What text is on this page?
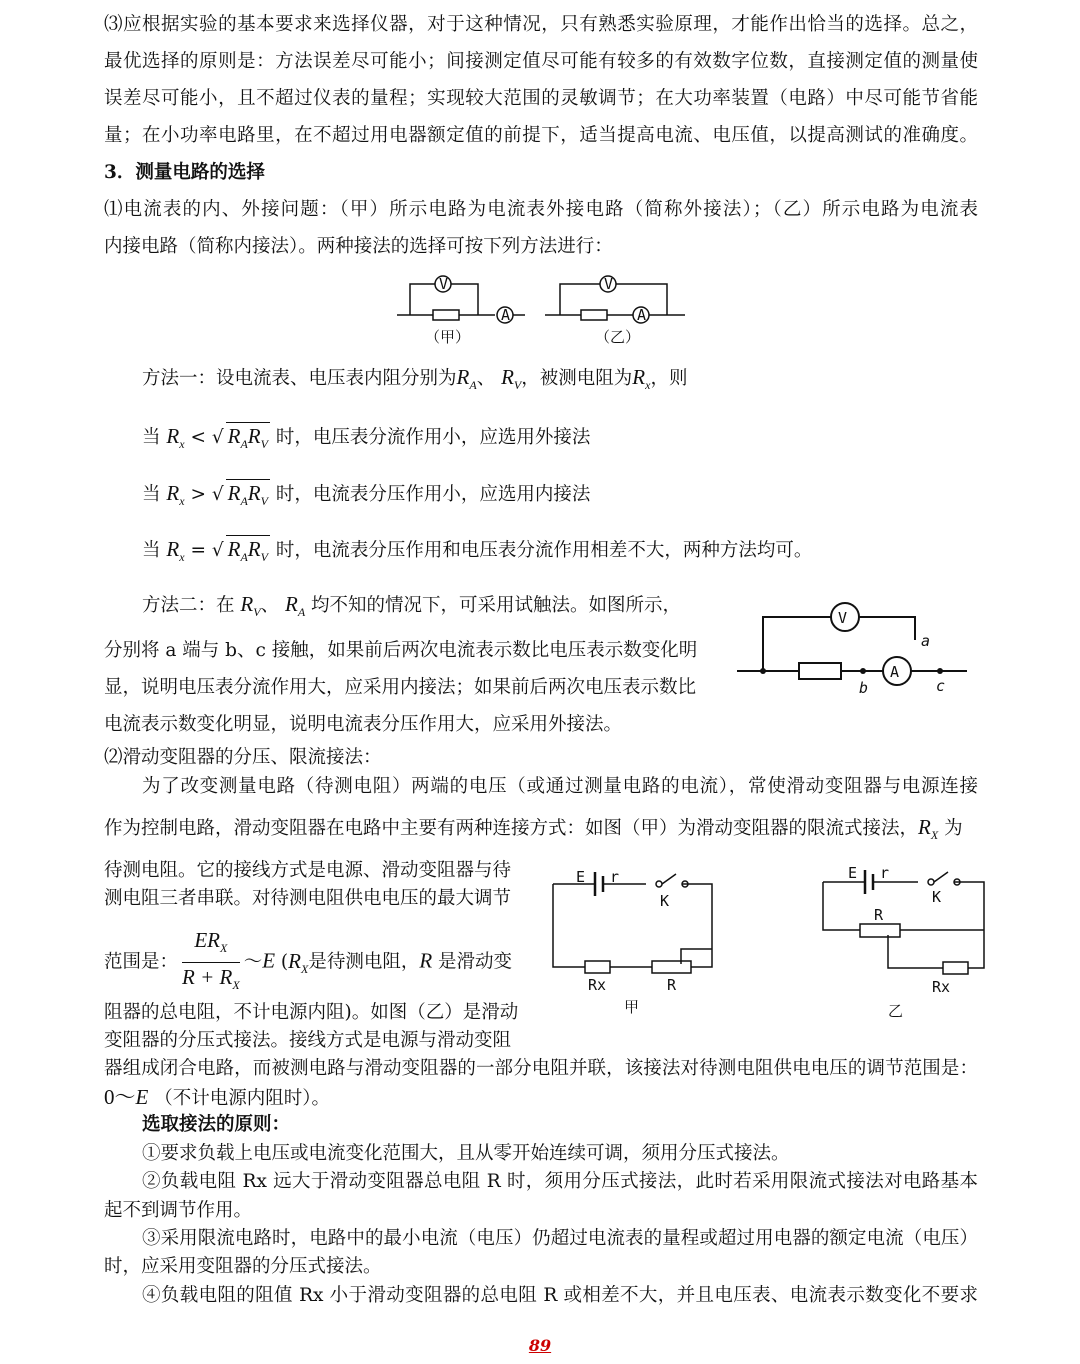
⑶应根据实验的基本要求来选择仪器，对于这种情况，只有熟悉实验原理，才能作出恰当的选择。总之，
最优选择的原则是：方法误差尽可能小；间接测定值尽可能有较多的有效数字位数，直接测定值的测量使
误差尽可能小，且不超过仪表的量程；实现较大范围的灵敏调节；在大功率装置（电路）中尽可能节省能
量；在小功率电路里，在不超过用电器额定值的前提下，适当提高电流、电压值，以提高测试的准确度。
3．测量电路的选择
⑴电流表的内、外接问题：（甲）所示电路为电流表外接电路（简称外接法）；（乙）所示电路为电流表
内接电路（简称内接法）。两种接法的选择可按下列方法进行：
V
A
V
A
（甲）	（乙）
方法一：设电流表、电压表内阻分别为$R_A$、 $R_V$，被测电阻为$R_x$，则
当 $R_x$ < √ $R_AR_V$ 时，电压表分流作用小，应选用外接法
当 $R_x$ > √ $R_AR_V$ 时，电流表分压作用小，应选用内接法
当 $R_x$ = √ $R_AR_V$ 时，电流表分压作用和电压表分流作用相差不大，两种方法均可。
方法二：在 $R_V$、 $R_A$ 均不知的情况下，可采用试触法。如图所示，
V
A
a
b	c
分别将 a 端与 b、c 接触，如果前后两次电流表示数比电压表示数变化明
显，说明电压表分流作用大，应采用内接法；如果前后两次电压表示数比
电流表示数变化明显，说明电流表分压作用大，应采用外接法。
⑵滑动变阻器的分压、限流接法：
为了改变测量电路（待测电阻）两端的电压（或通过测量电路的电流），常使滑动变阻器与电源连接
作为控制电路，滑动变阻器在电路中主要有两种连接方式：如图（甲）为滑动变阻器的限流式接法，$R_X$ 为
待测电阻。它的接线方式是电源、滑动变阻器与待
测电阻三者串联。对待测电阻供电电压的最大调节
范围是： $\frac{ER_X}{R + R_X}$ ～E ($R_X$是待测电阻，R 是滑动变
E r
K
Rx	R
甲
E r
K
R
Rx
乙
阻器的总电阻，不计电源内阻)。如图（乙）是滑动
变阻器的分压式接法。接线方式是电源与滑动变阻
器组成闭合电路，而被测电路与滑动变阻器的一部分电阻并联，该接法对待测电阻供电电压的调节范围是：
0～E （不计电源内阻时）。
选取接法的原则：
①要求负载上电压或电流变化范围大，且从零开始连续可调，须用分压式接法。
②负载电阻 Rx 远大于滑动变阻器总电阻 R 时，须用分压式接法，此时若采用限流式接法对电路基本
起不到调节作用。
③采用限流电路时，电路中的最小电流（电压）仍超过电流表的量程或超过用电器的额定电流（电压）
时，应采用变阻器的分压式接法。
④负载电阻的阻值 Rx 小于滑动变阻器的总电阻 R 或相差不大，并且电压表、电流表示数变化不要求
89
